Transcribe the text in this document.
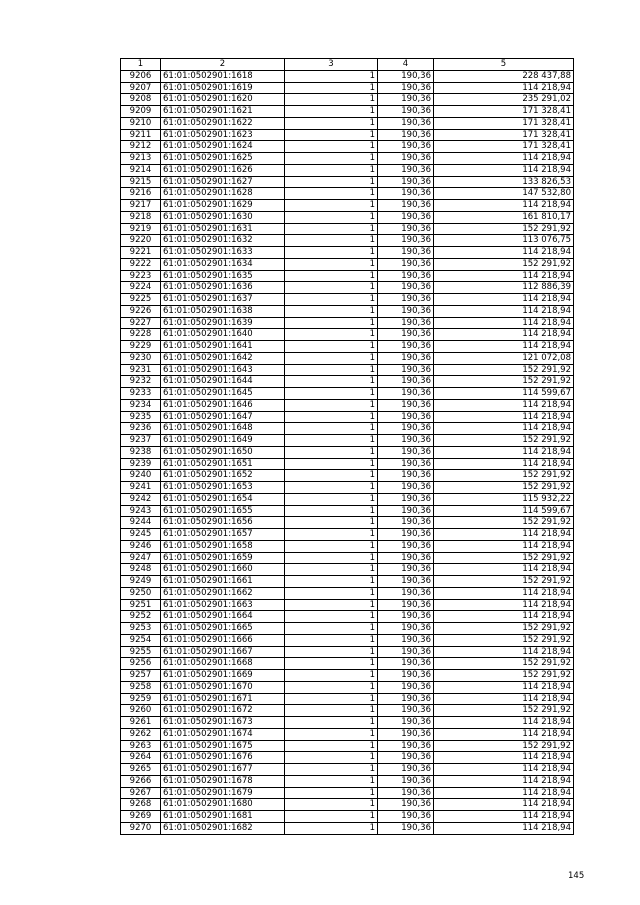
1	2	3	4	5
9206	61:01:0502901:1618	1	190,36	228 437,88
9207	61:01:0502901:1619	1	190,36	114 218,94
9208	61:01:0502901:1620	1	190,36	235 291,02
9209	61:01:0502901:1621	1	190,36	171 328,41
9210	61:01:0502901:1622	1	190,36	171 328,41
9211	61:01:0502901:1623	1	190,36	171 328,41
9212	61:01:0502901:1624	1	190,36	171 328,41
9213	61:01:0502901:1625	1	190,36	114 218,94
9214	61:01:0502901:1626	1	190,36	114 218,94
9215	61:01:0502901:1627	1	190,36	133 826,53
9216	61:01:0502901:1628	1	190,36	147 532,80
9217	61:01:0502901:1629	1	190,36	114 218,94
9218	61:01:0502901:1630	1	190,36	161 810,17
9219	61:01:0502901:1631	1	190,36	152 291,92
9220	61:01:0502901:1632	1	190,36	113 076,75
9221	61:01:0502901:1633	1	190,36	114 218,94
9222	61:01:0502901:1634	1	190,36	152 291,92
9223	61:01:0502901:1635	1	190,36	114 218,94
9224	61:01:0502901:1636	1	190,36	112 886,39
9225	61:01:0502901:1637	1	190,36	114 218,94
9226	61:01:0502901:1638	1	190,36	114 218,94
9227	61:01:0502901:1639	1	190,36	114 218,94
9228	61:01:0502901:1640	1	190,36	114 218,94
9229	61:01:0502901:1641	1	190,36	114 218,94
9230	61:01:0502901:1642	1	190,36	121 072,08
9231	61:01:0502901:1643	1	190,36	152 291,92
9232	61:01:0502901:1644	1	190,36	152 291,92
9233	61:01:0502901:1645	1	190,36	114 599,67
9234	61:01:0502901:1646	1	190,36	114 218,94
9235	61:01:0502901:1647	1	190,36	114 218,94
9236	61:01:0502901:1648	1	190,36	114 218,94
9237	61:01:0502901:1649	1	190,36	152 291,92
9238	61:01:0502901:1650	1	190,36	114 218,94
9239	61:01:0502901:1651	1	190,36	114 218,94
9240	61:01:0502901:1652	1	190,36	152 291,92
9241	61:01:0502901:1653	1	190,36	152 291,92
9242	61:01:0502901:1654	1	190,36	115 932,22
9243	61:01:0502901:1655	1	190,36	114 599,67
9244	61:01:0502901:1656	1	190,36	152 291,92
9245	61:01:0502901:1657	1	190,36	114 218,94
9246	61:01:0502901:1658	1	190,36	114 218,94
9247	61:01:0502901:1659	1	190,36	152 291,92
9248	61:01:0502901:1660	1	190,36	114 218,94
9249	61:01:0502901:1661	1	190,36	152 291,92
9250	61:01:0502901:1662	1	190,36	114 218,94
9251	61:01:0502901:1663	1	190,36	114 218,94
9252	61:01:0502901:1664	1	190,36	114 218,94
9253	61:01:0502901:1665	1	190,36	152 291,92
9254	61:01:0502901:1666	1	190,36	152 291,92
9255	61:01:0502901:1667	1	190,36	114 218,94
9256	61:01:0502901:1668	1	190,36	152 291,92
9257	61:01:0502901:1669	1	190,36	152 291,92
9258	61:01:0502901:1670	1	190,36	114 218,94
9259	61:01:0502901:1671	1	190,36	114 218,94
9260	61:01:0502901:1672	1	190,36	152 291,92
9261	61:01:0502901:1673	1	190,36	114 218,94
9262	61:01:0502901:1674	1	190,36	114 218,94
9263	61:01:0502901:1675	1	190,36	152 291,92
9264	61:01:0502901:1676	1	190,36	114 218,94
9265	61:01:0502901:1677	1	190,36	114 218,94
9266	61:01:0502901:1678	1	190,36	114 218,94
9267	61:01:0502901:1679	1	190,36	114 218,94
9268	61:01:0502901:1680	1	190,36	114 218,94
9269	61:01:0502901:1681	1	190,36	114 218,94
9270	61:01:0502901:1682	1	190,36	114 218,94
145
